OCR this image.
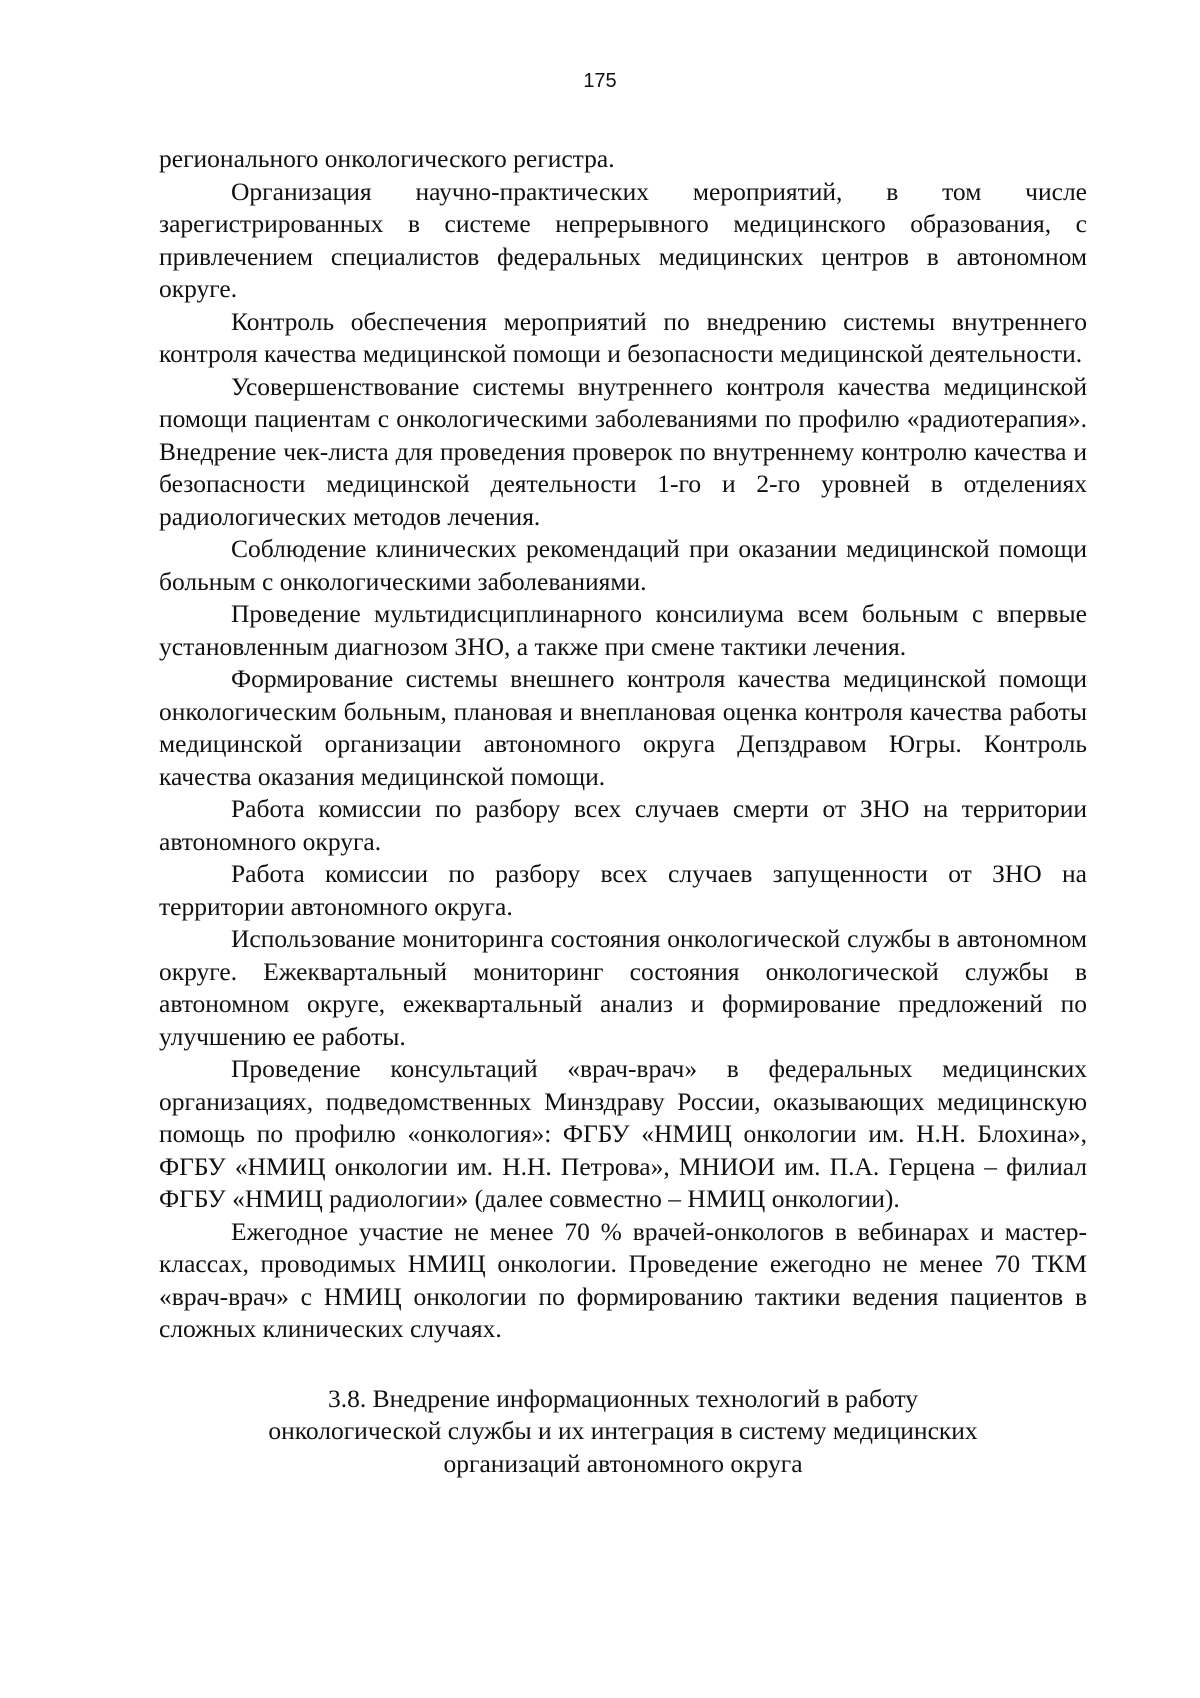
175

регионального онкологического регистра.

Организация научно-практических мероприятий, в том числе зарегистрированных в системе непрерывного медицинского образования, с привлечением специалистов федеральных медицинских центров в автономном округе.

Контроль обеспечения мероприятий по внедрению системы внутреннего контроля качества медицинской помощи и безопасности медицинской деятельности.

Усовершенствование системы внутреннего контроля качества медицинской помощи пациентам с онкологическими заболеваниями по профилю «радиотерапия». Внедрение чек-листа для проведения проверок по внутреннему контролю качества и безопасности медицинской деятельности 1-го и 2-го уровней в отделениях радиологических методов лечения.

Соблюдение клинических рекомендаций при оказании медицинской помощи больным с онкологическими заболеваниями.

Проведение мультидисциплинарного консилиума всем больным с впервые установленным диагнозом ЗНО, а также при смене тактики лечения.

Формирование системы внешнего контроля качества медицинской помощи онкологическим больным, плановая и внеплановая оценка контроля качества работы медицинской организации автономного округа Депздравом Югры. Контроль качества оказания медицинской помощи.

Работа комиссии по разбору всех случаев смерти от ЗНО на территории автономного округа.

Работа комиссии по разбору всех случаев запущенности от ЗНО на территории автономного округа.

Использование мониторинга состояния онкологической службы в автономном округе. Ежеквартальный мониторинг состояния онкологической службы в автономном округе, ежеквартальный анализ и формирование предложений по улучшению ее работы.

Проведение консультаций «врач-врач» в федеральных медицинских организациях, подведомственных Минздраву России, оказывающих медицинскую помощь по профилю «онкология»: ФГБУ «НМИЦ онкологии им. Н.Н. Блохина», ФГБУ «НМИЦ онкологии им. Н.Н. Петрова», МНИОИ им. П.А. Герцена – филиал ФГБУ «НМИЦ радиологии» (далее совместно – НМИЦ онкологии).

Ежегодное участие не менее 70 % врачей-онкологов в вебинарах и мастер-классах, проводимых НМИЦ онкологии. Проведение ежегодно не менее 70 ТКМ «врач-врач» с НМИЦ онкологии по формированию тактики ведения пациентов в сложных клинических случаях.

3.8. Внедрение информационных технологий в работу
онкологической службы и их интеграция в систему медицинских
организаций автономного округа
